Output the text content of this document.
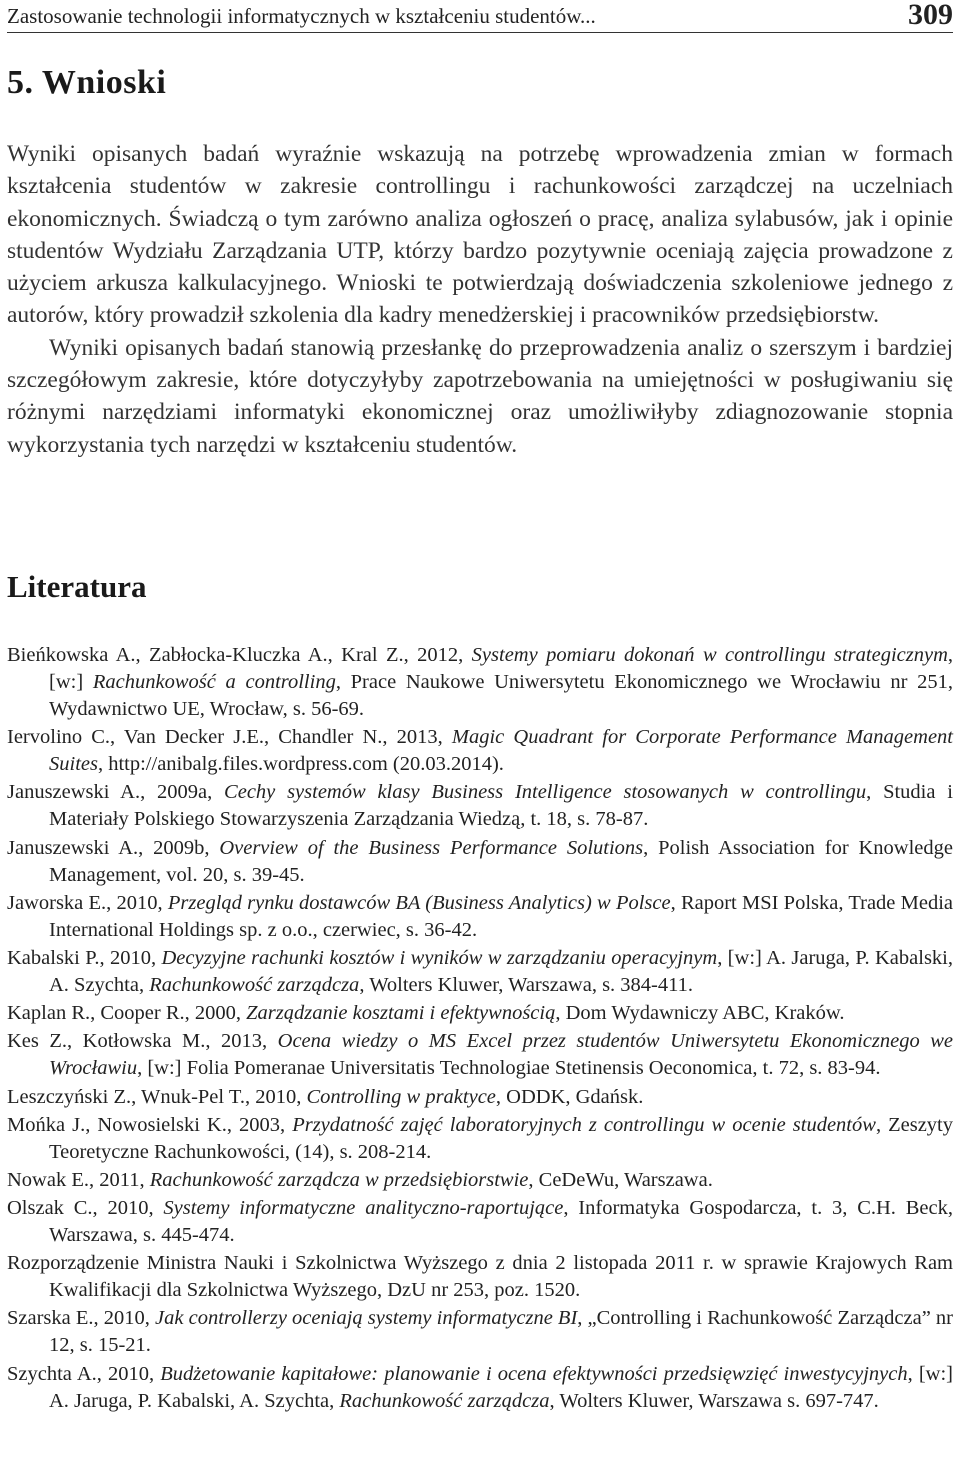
Zastosowanie technologii informatycznych w kształceniu studentów...	309
5. Wnioski

Wyniki opisanych badań wyraźnie wskazują na potrzebę wprowadzenia zmian w formach kształcenia studentów w zakresie controllingu i rachunkowości zarządczej na uczelniach ekonomicznych. Świadczą o tym zarówno analiza ogłoszeń o pracę, analiza sylabusów, jak i opinie studentów Wydziału Zarządzania UTP, którzy bardzo pozytywnie oceniają zajęcia prowadzone z użyciem arkusza kalkulacyjnego. Wnioski te potwierdzają doświadczenia szkoleniowe jednego z autorów, który prowadził szkolenia dla kadry menedżerskiej i pracowników przedsiębiorstw.

Wyniki opisanych badań stanowią przesłankę do przeprowadzenia analiz o szerszym i bardziej szczegółowym zakresie, które dotyczyłyby zapotrzebowania na umiejętności w posługiwaniu się różnymi narzędziami informatyki ekonomicznej oraz umożliwiłyby zdiagnozowanie stopnia wykorzystania tych narzędzi w kształceniu studentów.

Literatura

Bieńkowska A., Zabłocka-Kluczka A., Kral Z., 2012, Systemy pomiaru dokonań w controllingu strategicznym, [w:] Rachunkowość a controlling, Prace Naukowe Uniwersytetu Ekonomicznego we Wrocławiu nr 251, Wydawnictwo UE, Wrocław, s. 56-69.

Iervolino C., Van Decker J.E., Chandler N., 2013, Magic Quadrant for Corporate Performance Management Suites, http://anibalg.files.wordpress.com (20.03.2014).

Januszewski A., 2009a, Cechy systemów klasy Business Intelligence stosowanych w controllingu, Studia i Materiały Polskiego Stowarzyszenia Zarządzania Wiedzą, t. 18, s. 78-87.

Januszewski A., 2009b, Overview of the Business Performance Solutions, Polish Association for Knowledge Management, vol. 20, s. 39-45.

Jaworska E., 2010, Przegląd rynku dostawców BA (Business Analytics) w Polsce, Raport MSI Polska, Trade Media International Holdings sp. z o.o., czerwiec, s. 36-42.

Kabalski P., 2010, Decyzyjne rachunki kosztów i wyników w zarządzaniu operacyjnym, [w:] A. Jaruga, P. Kabalski, A. Szychta, Rachunkowość zarządcza, Wolters Kluwer, Warszawa, s. 384-411.

Kaplan R., Cooper R., 2000, Zarządzanie kosztami i efektywnością, Dom Wydawniczy ABC, Kraków.

Kes Z., Kotłowska M., 2013, Ocena wiedzy o MS Excel przez studentów Uniwersytetu Ekonomicznego we Wrocławiu, [w:] Folia Pomeranae Universitatis Technologiae Stetinensis Oeconomica, t. 72, s. 83-94.

Leszczyński Z., Wnuk-Pel T., 2010, Controlling w praktyce, ODDK, Gdańsk.

Mońka J., Nowosielski K., 2003, Przydatność zajęć laboratoryjnych z controllingu w ocenie studentów, Zeszyty Teoretyczne Rachunkowości, (14), s. 208-214.

Nowak E., 2011, Rachunkowość zarządcza w przedsiębiorstwie, CeDeWu, Warszawa.

Olszak C., 2010, Systemy informatyczne analityczno-raportujące, Informatyka Gospodarcza, t. 3, C.H. Beck, Warszawa, s. 445-474.

Rozporządzenie Ministra Nauki i Szkolnictwa Wyższego z dnia 2 listopada 2011 r. w sprawie Krajowych Ram Kwalifikacji dla Szkolnictwa Wyższego, DzU nr 253, poz. 1520.

Szarska E., 2010, Jak controllerzy oceniają systemy informatyczne BI, „Controlling i Rachunkowość Zarządcza” nr 12, s. 15-21.

Szychta A., 2010, Budżetowanie kapitałowe: planowanie i ocena efektywności przedsięwzięć inwestycyjnych, [w:] A. Jaruga, P. Kabalski, A. Szychta, Rachunkowość zarządcza, Wolters Kluwer, Warszawa s. 697-747.
